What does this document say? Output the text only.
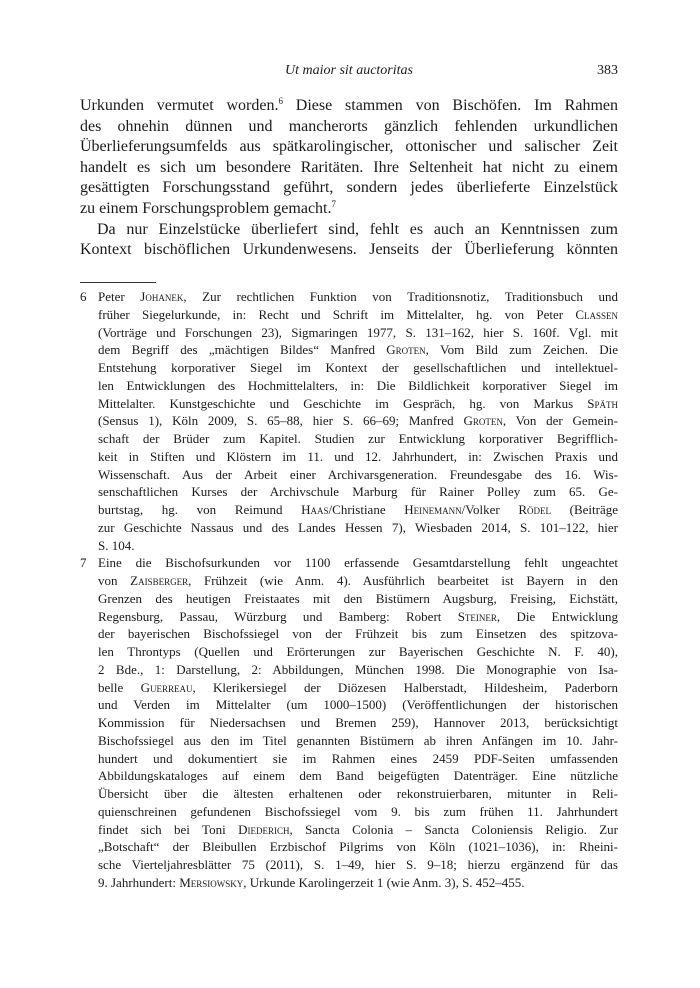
Ut maior sit auctoritas	383

Urkunden vermutet worden.$^6$ Diese stammen von Bischöfen. Im Rahmen
des ohnehin dünnen und mancherorts gänzlich fehlenden urkundlichen
Überlieferungsumfelds aus spätkarolingischer, ottonischer und salischer Zeit
handelt es sich um besondere Raritäten. Ihre Seltenheit hat nicht zu einem
gesättigten Forschungsstand geführt, sondern jedes überlieferte Einzelstück
zu einem Forschungsproblem gemacht.$^7$

Da nur Einzelstücke überliefert sind, fehlt es auch an Kenntnissen zum
Kontext bischöflichen Urkundenwesens. Jenseits der Überlieferung könnten

6 Peter Johanek, Zur rechtlichen Funktion von Traditionsnotiz, Traditionsbuch und
früher Siegelurkunde, in: Recht und Schrift im Mittelalter, hg. von Peter Classen
(Vorträge und Forschungen 23), Sigmaringen 1977, S. 131–162, hier S. 160f. Vgl. mit
dem Begriff des „mächtigen Bildes“ Manfred Groten, Vom Bild zum Zeichen. Die
Entstehung korporativer Siegel im Kontext der gesellschaftlichen und intellektuel-
len Entwicklungen des Hochmittelalters, in: Die Bildlichkeit korporativer Siegel im
Mittelalter. Kunstgeschichte und Geschichte im Gespräch, hg. von Markus Späth
(Sensus 1), Köln 2009, S. 65–88, hier S. 66–69; Manfred Groten, Von der Gemein-
schaft der Brüder zum Kapitel. Studien zur Entwicklung korporativer Begrifflich-
keit in Stiften und Klöstern im 11. und 12. Jahrhundert, in: Zwischen Praxis und
Wissenschaft. Aus der Arbeit einer Archivarsgeneration. Freundesgabe des 16. Wis-
senschaftlichen Kurses der Archivschule Marburg für Rainer Polley zum 65. Ge-
burtstag, hg. von Reimund Haas/Christiane Heinemann/Volker Rödel (Beiträge
zur Geschichte Nassaus und des Landes Hessen 7), Wiesbaden 2014, S. 101–122, hier
S. 104.
7 Eine die Bischofsurkunden vor 1100 erfassende Gesamtdarstellung fehlt ungeachtet
von Zaisberger, Frühzeit (wie Anm. 4). Ausführlich bearbeitet ist Bayern in den
Grenzen des heutigen Freistaates mit den Bistümern Augsburg, Freising, Eichstätt,
Regensburg, Passau, Würzburg und Bamberg: Robert Steiner, Die Entwicklung
der bayerischen Bischofssiegel von der Frühzeit bis zum Einsetzen des spitzova-
len Throntyps (Quellen und Erörterungen zur Bayerischen Geschichte N. F. 40),
2 Bde., 1: Darstellung, 2: Abbildungen, München 1998. Die Monographie von Isa-
belle Guerreau, Klerikersiegel der Diözesen Halberstadt, Hildesheim, Paderborn
und Verden im Mittelalter (um 1000–1500) (Veröffentlichungen der historischen
Kommission für Niedersachsen und Bremen 259), Hannover 2013, berücksichtigt
Bischofssiegel aus den im Titel genannten Bistümern ab ihren Anfängen im 10. Jahr-
hundert und dokumentiert sie im Rahmen eines 2459 PDF-Seiten umfassenden
Abbildungskataloges auf einem dem Band beigefügten Datenträger. Eine nützliche
Übersicht über die ältesten erhaltenen oder rekonstruierbaren, mitunter in Reli-
quienschreinen gefundenen Bischofssiegel vom 9. bis zum frühen 11. Jahrhundert
findet sich bei Toni Diederich, Sancta Colonia – Sancta Coloniensis Religio. Zur
„Botschaft“ der Bleibullen Erzbischof Pilgrims von Köln (1021–1036), in: Rheini-
sche Vierteljahresblätter 75 (2011), S. 1–49, hier S. 9–18; hierzu ergänzend für das
9. Jahrhundert: Mersiowsky, Urkunde Karolingerzeit 1 (wie Anm. 3), S. 452–455.
